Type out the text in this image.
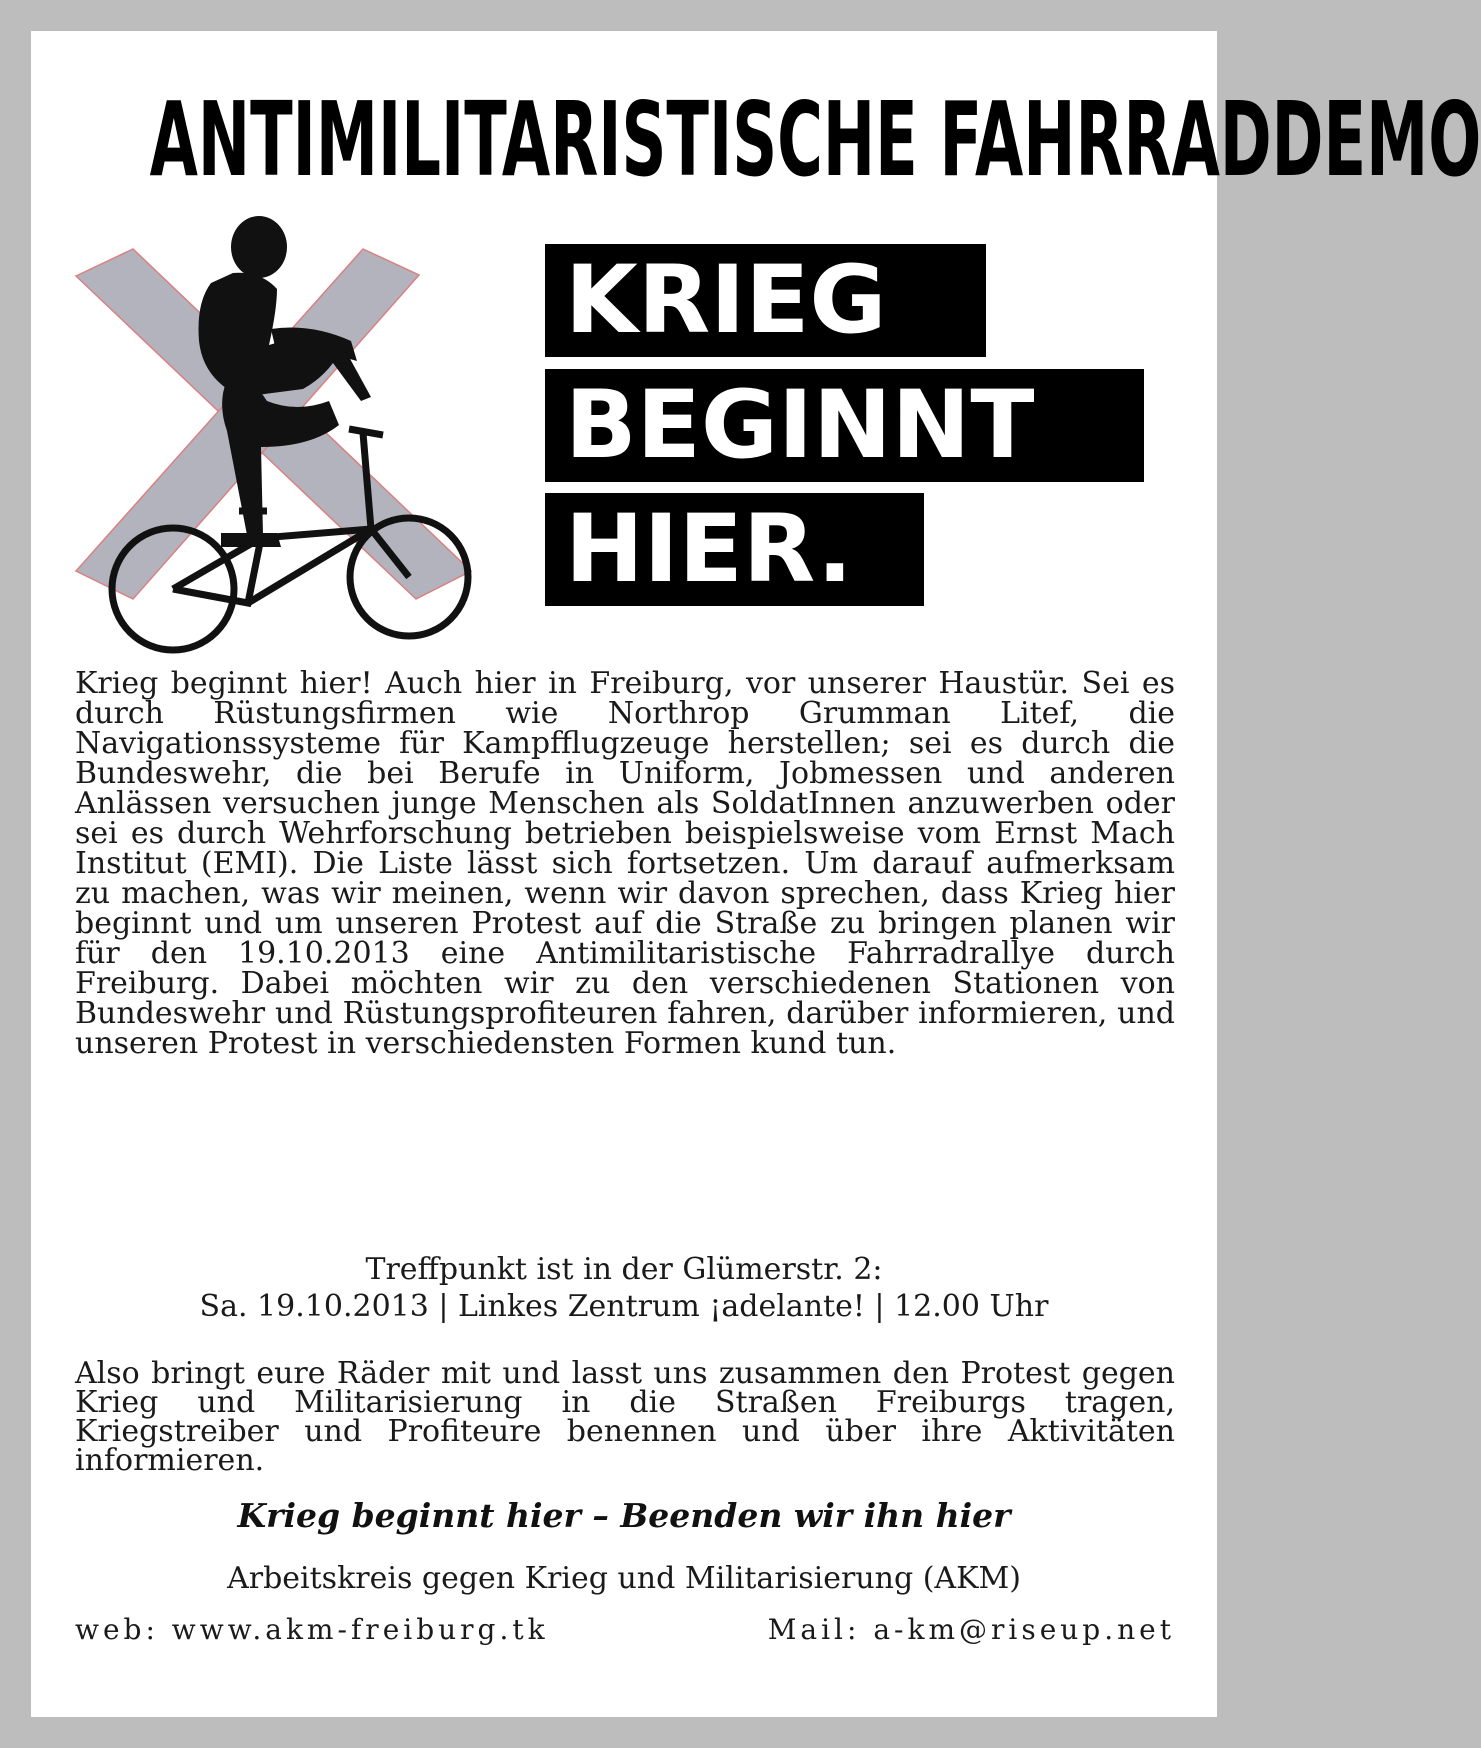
ANTIMILITARISTISCHE FAHRRADDEMO
KRIEG
BEGINNT
HIER.

Krieg beginnt hier! Auch hier in Freiburg, vor unserer Haustür. Sei es durch Rüstungsfirmen wie Northrop Grumman Litef, die Navigationssysteme für Kampfflugzeuge herstellen; sei es durch die Bundeswehr, die bei Berufe in Uniform, Jobmessen und anderen Anlässen versuchen junge Menschen als SoldatInnen anzuwerben oder sei es durch Wehrforschung betrieben beispielsweise vom Ernst Mach Institut (EMI). Die Liste lässt sich fortsetzen. Um darauf aufmerksam zu machen, was wir meinen, wenn wir davon sprechen, dass Krieg hier beginnt und um unseren Protest auf die Straße zu bringen planen wir für den 19.10.2013 eine Antimilitaristische Fahrradrallye durch Freiburg. Dabei möchten wir zu den verschiedenen Stationen von Bundeswehr und Rüstungsprofiteuren fahren, darüber informieren, und unseren Protest in verschiedensten Formen kund tun.

Treffpunkt ist in der Glümerstr. 2:
Sa. 19.10.2013 | Linkes Zentrum ¡adelante! | 12.00 Uhr

Also bringt eure Räder mit und lasst uns zusammen den Protest gegen Krieg und Militarisierung in die Straßen Freiburgs tragen, Kriegstreiber und Profiteure benennen und über ihre Aktivitäten informieren.

Krieg beginnt hier – Beenden wir ihn hier
Arbeitskreis gegen Krieg und Militarisierung (AKM)
web: www.akm-freiburg.tk	Mail: a-km@riseup.net
